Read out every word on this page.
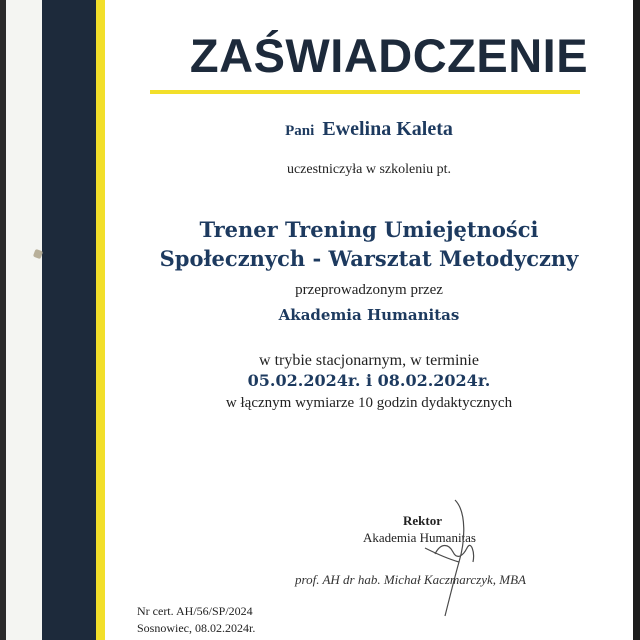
ZAŚWIADCZENIE

Pani Ewelina Kaleta

uczestniczyła w szkoleniu pt.

Trener Trening Umiejętności
Społecznych - Warsztat Metodyczny

przeprowadzonym przez

Akademia Humanitas

w trybie stacjonarnym, w terminie

05.02.2024r. i 08.02.2024r.

w łącznym wymiarze 10 godzin dydaktycznych

Rektor
Akademia Humanitas
prof. AH dr hab. Michał Kaczmarczyk, MBA
Nr cert. AH/56/SP/2024
Sosnowiec, 08.02.2024r.
